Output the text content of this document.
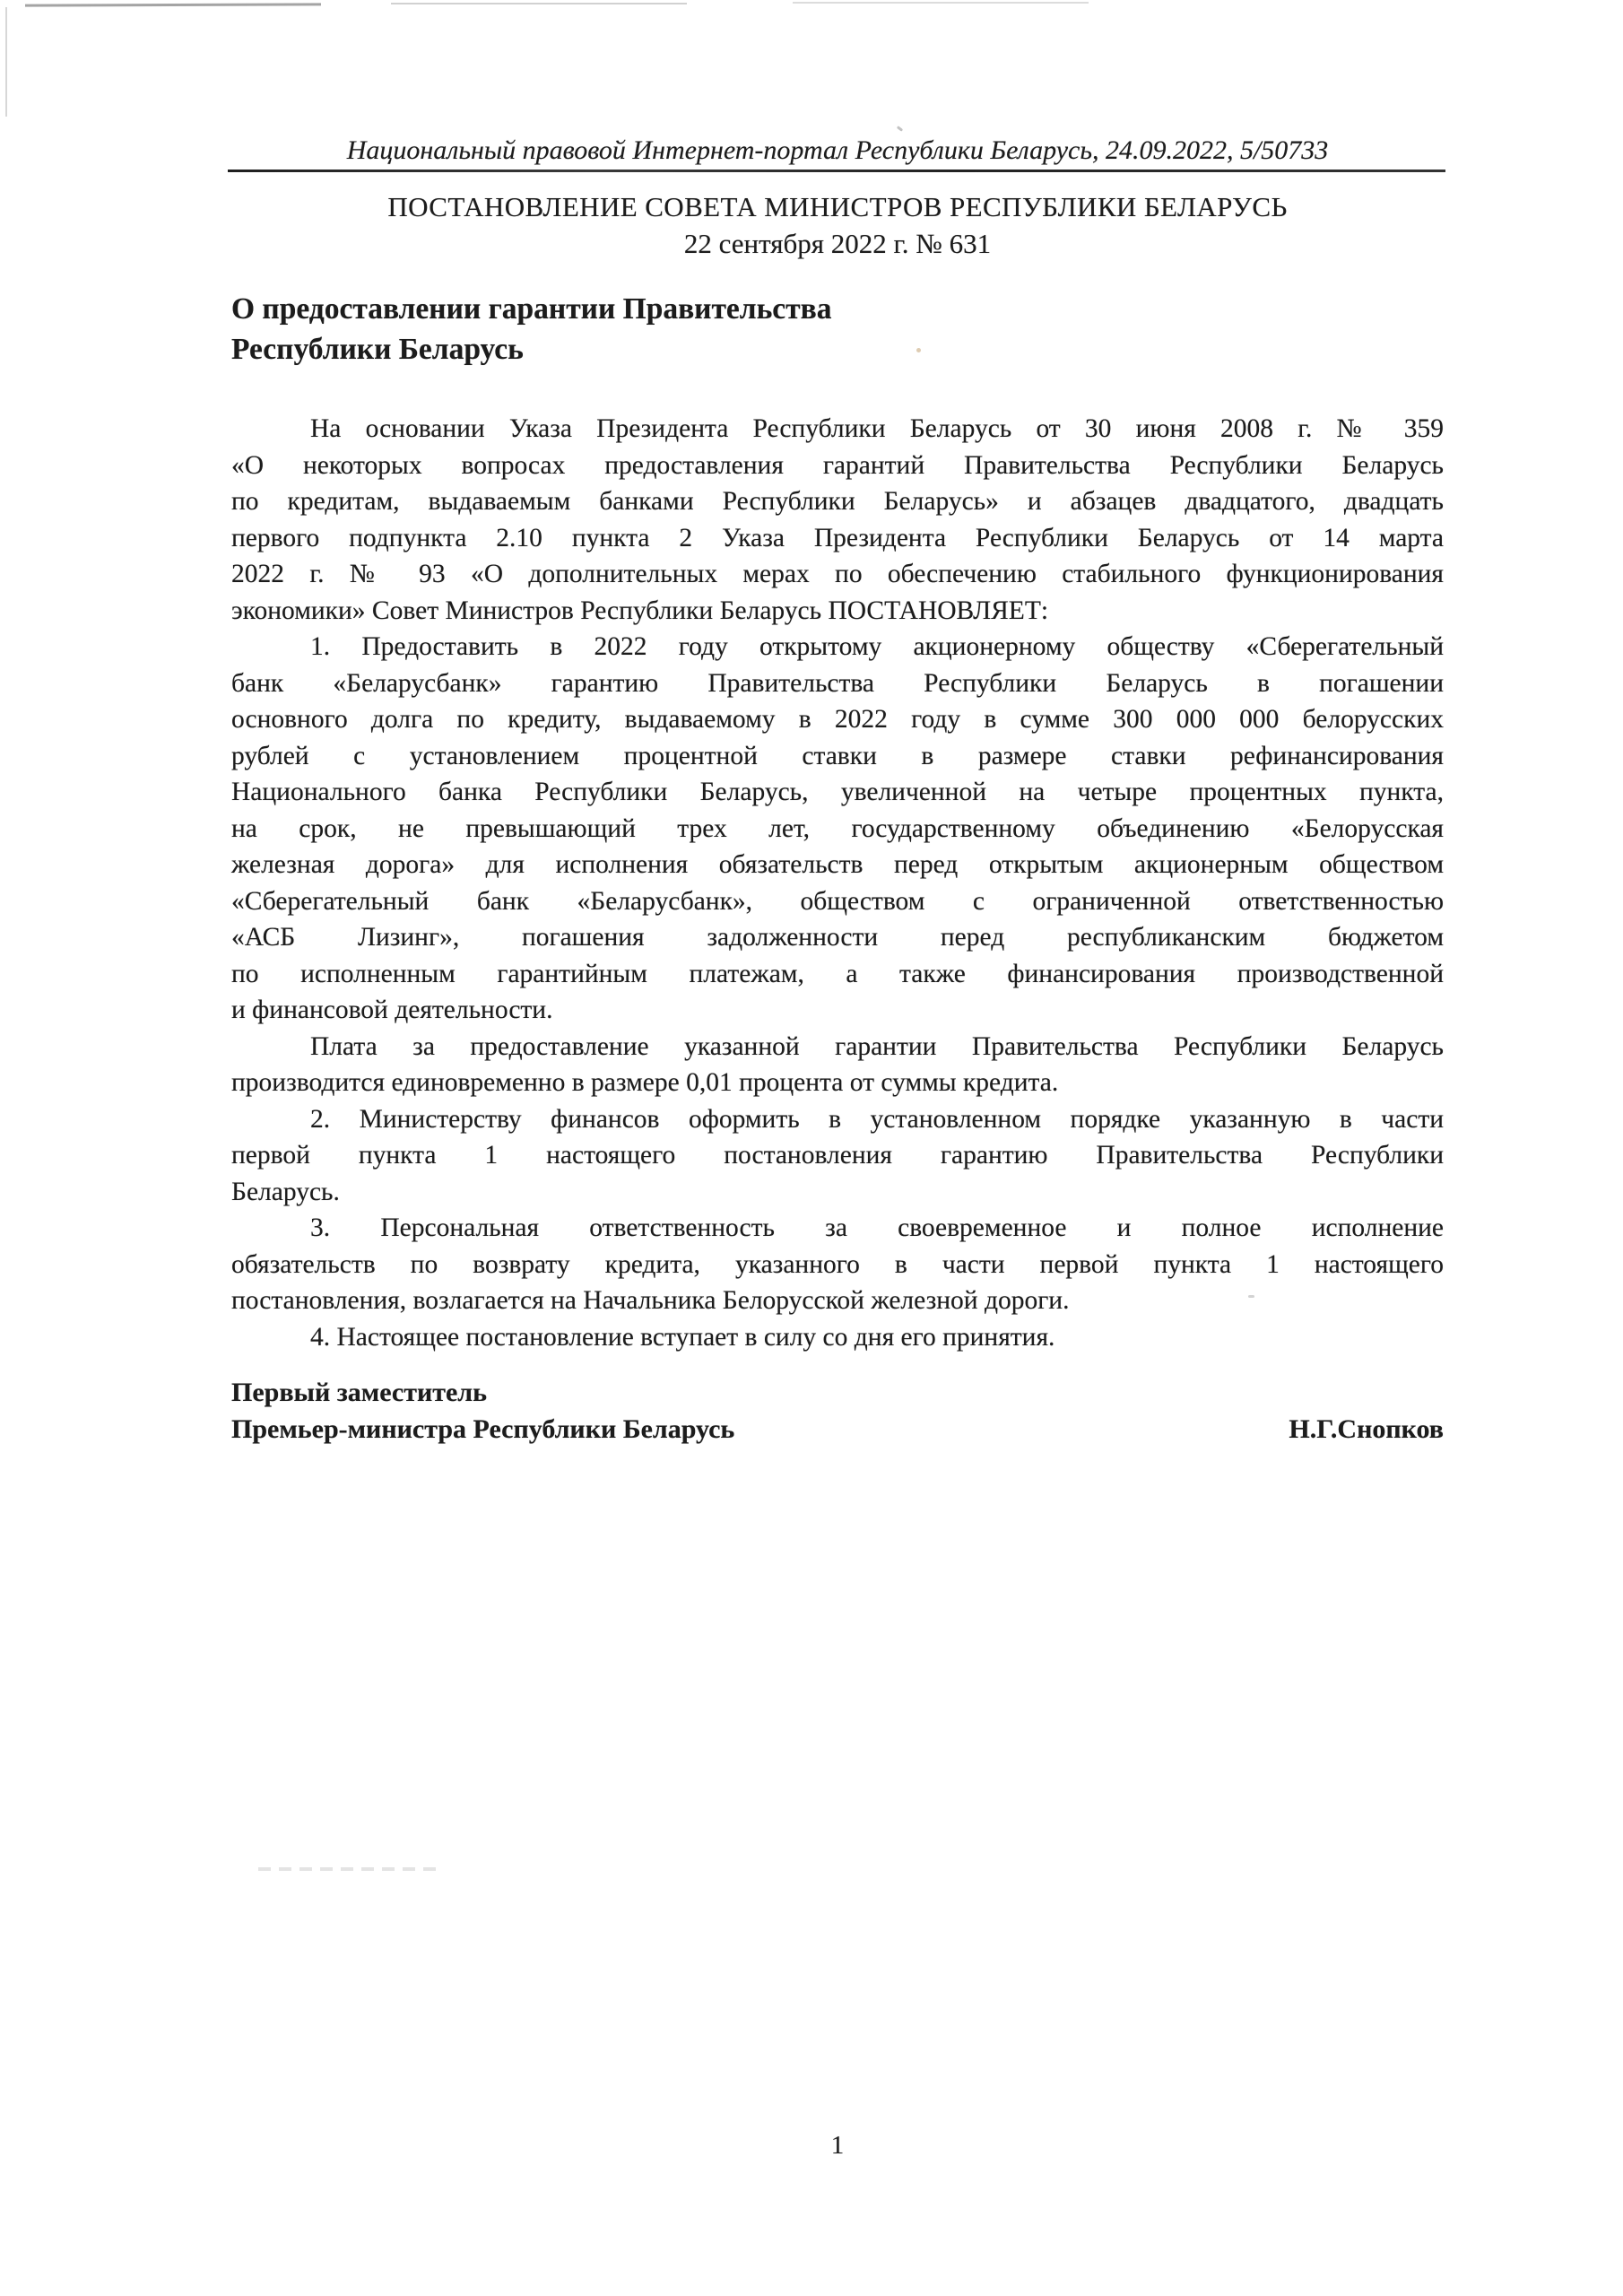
Национальный правовой Интернет-портал Республики Беларусь, 24.09.2022, 5/50733
ПОСТАНОВЛЕНИЕ СОВЕТА МИНИСТРОВ РЕСПУБЛИКИ БЕЛАРУСЬ
22 сентября 2022 г. № 631
О предоставлении гарантии Правительства
Республики Беларусь
На основании Указа Президента Республики Беларусь от 30 июня 2008 г. № 359
«О некоторых вопросах предоставления гарантий Правительства Республики Беларусь
по кредитам, выдаваемым банками Республики Беларусь» и абзацев двадцатого, двадцать
первого подпункта 2.10 пункта 2 Указа Президента Республики Беларусь от 14 марта
2022 г. № 93 «О дополнительных мерах по обеспечению стабильного функционирования
экономики» Совет Министров Республики Беларусь ПОСТАНОВЛЯЕТ:
1. Предоставить в 2022 году открытому акционерному обществу «Сберегательный
банк «Беларусбанк» гарантию Правительства Республики Беларусь в погашении
основного долга по кредиту, выдаваемому в 2022 году в сумме 300 000 000 белорусских
рублей с установлением процентной ставки в размере ставки рефинансирования
Национального банка Республики Беларусь, увеличенной на четыре процентных пункта,
на срок, не превышающий трех лет, государственному объединению «Белорусская
железная дорога» для исполнения обязательств перед открытым акционерным обществом
«Сберегательный банк «Беларусбанк», обществом с ограниченной ответственностью
«АСБ Лизинг», погашения задолженности перед республиканским бюджетом
по исполненным гарантийным платежам, а также финансирования производственной
и финансовой деятельности.
Плата за предоставление указанной гарантии Правительства Республики Беларусь
производится единовременно в размере 0,01 процента от суммы кредита.
2. Министерству финансов оформить в установленном порядке указанную в части
первой пункта 1 настоящего постановления гарантию Правительства Республики
Беларусь.
3. Персональная ответственность за своевременное и полное исполнение
обязательств по возврату кредита, указанного в части первой пункта 1 настоящего
постановления, возлагается на Начальника Белорусской железной дороги.
4. Настоящее постановление вступает в силу со дня его принятия.
Первый заместитель
Премьер-министра Республики Беларусь	Н.Г.Снопков
1
